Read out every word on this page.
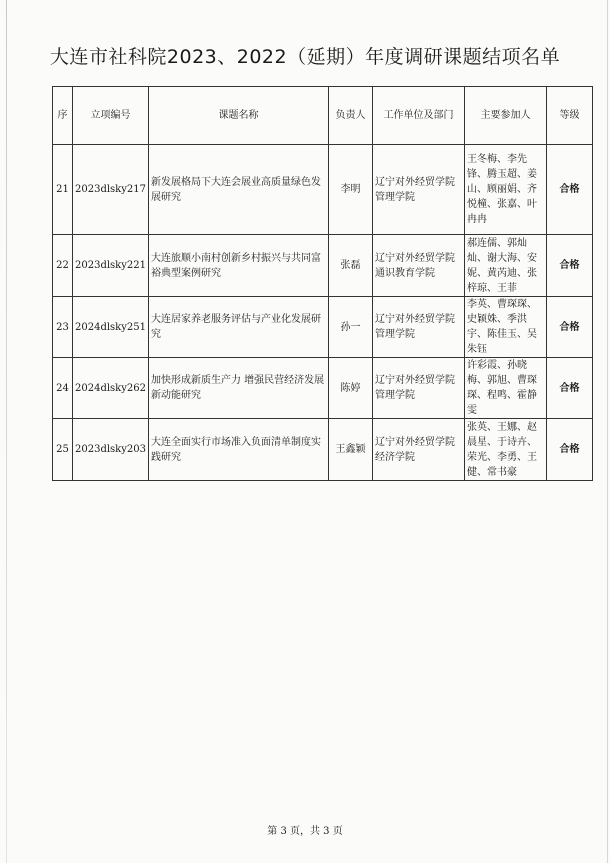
大连市社科院2023、2022（延期）年度调研课题结项名单
序	立项编号	课题名称	负责人	工作单位及部门	主要参加人	等级
21	2023dlsky217	新发展格局下大连会展业高质量绿色发展研究	李明	辽宁对外经贸学院管理学院	王冬梅、李先锋、腾玉超、姜山、顾丽娟、齐悦橦、张嘉、叶冉冉	合格
22	2023dlsky221	大连旅顺小南村创新乡村振兴与共同富裕典型案例研究	张磊	辽宁对外经贸学院通识教育学院	郝连儒、郭灿灿、谢大海、安妮、黄芮迪、张梓琼、王菲	合格
23	2024dlsky251	大连居家养老服务评估与产业化发展研究	孙一	辽宁对外经贸学院管理学院	李英、曹琛琛、史颖姝、季洪宇、陈佳玉、吴朱钰	合格
24	2024dlsky262	加快形成新质生产力 增强民营经济发展新动能研究	陈婷	辽宁对外经贸学院管理学院	许彩霞、孙晓梅、郭旭、曹琛琛、程鸣、霍静雯	合格
25	2023dlsky203	大连全面实行市场准入负面清单制度实践研究	王鑫颖	辽宁对外经贸学院经济学院	张英、王娜、赵晨星、于诗卉、荣光、李勇、王健、常书豪	合格
第 3 页，共 3 页
